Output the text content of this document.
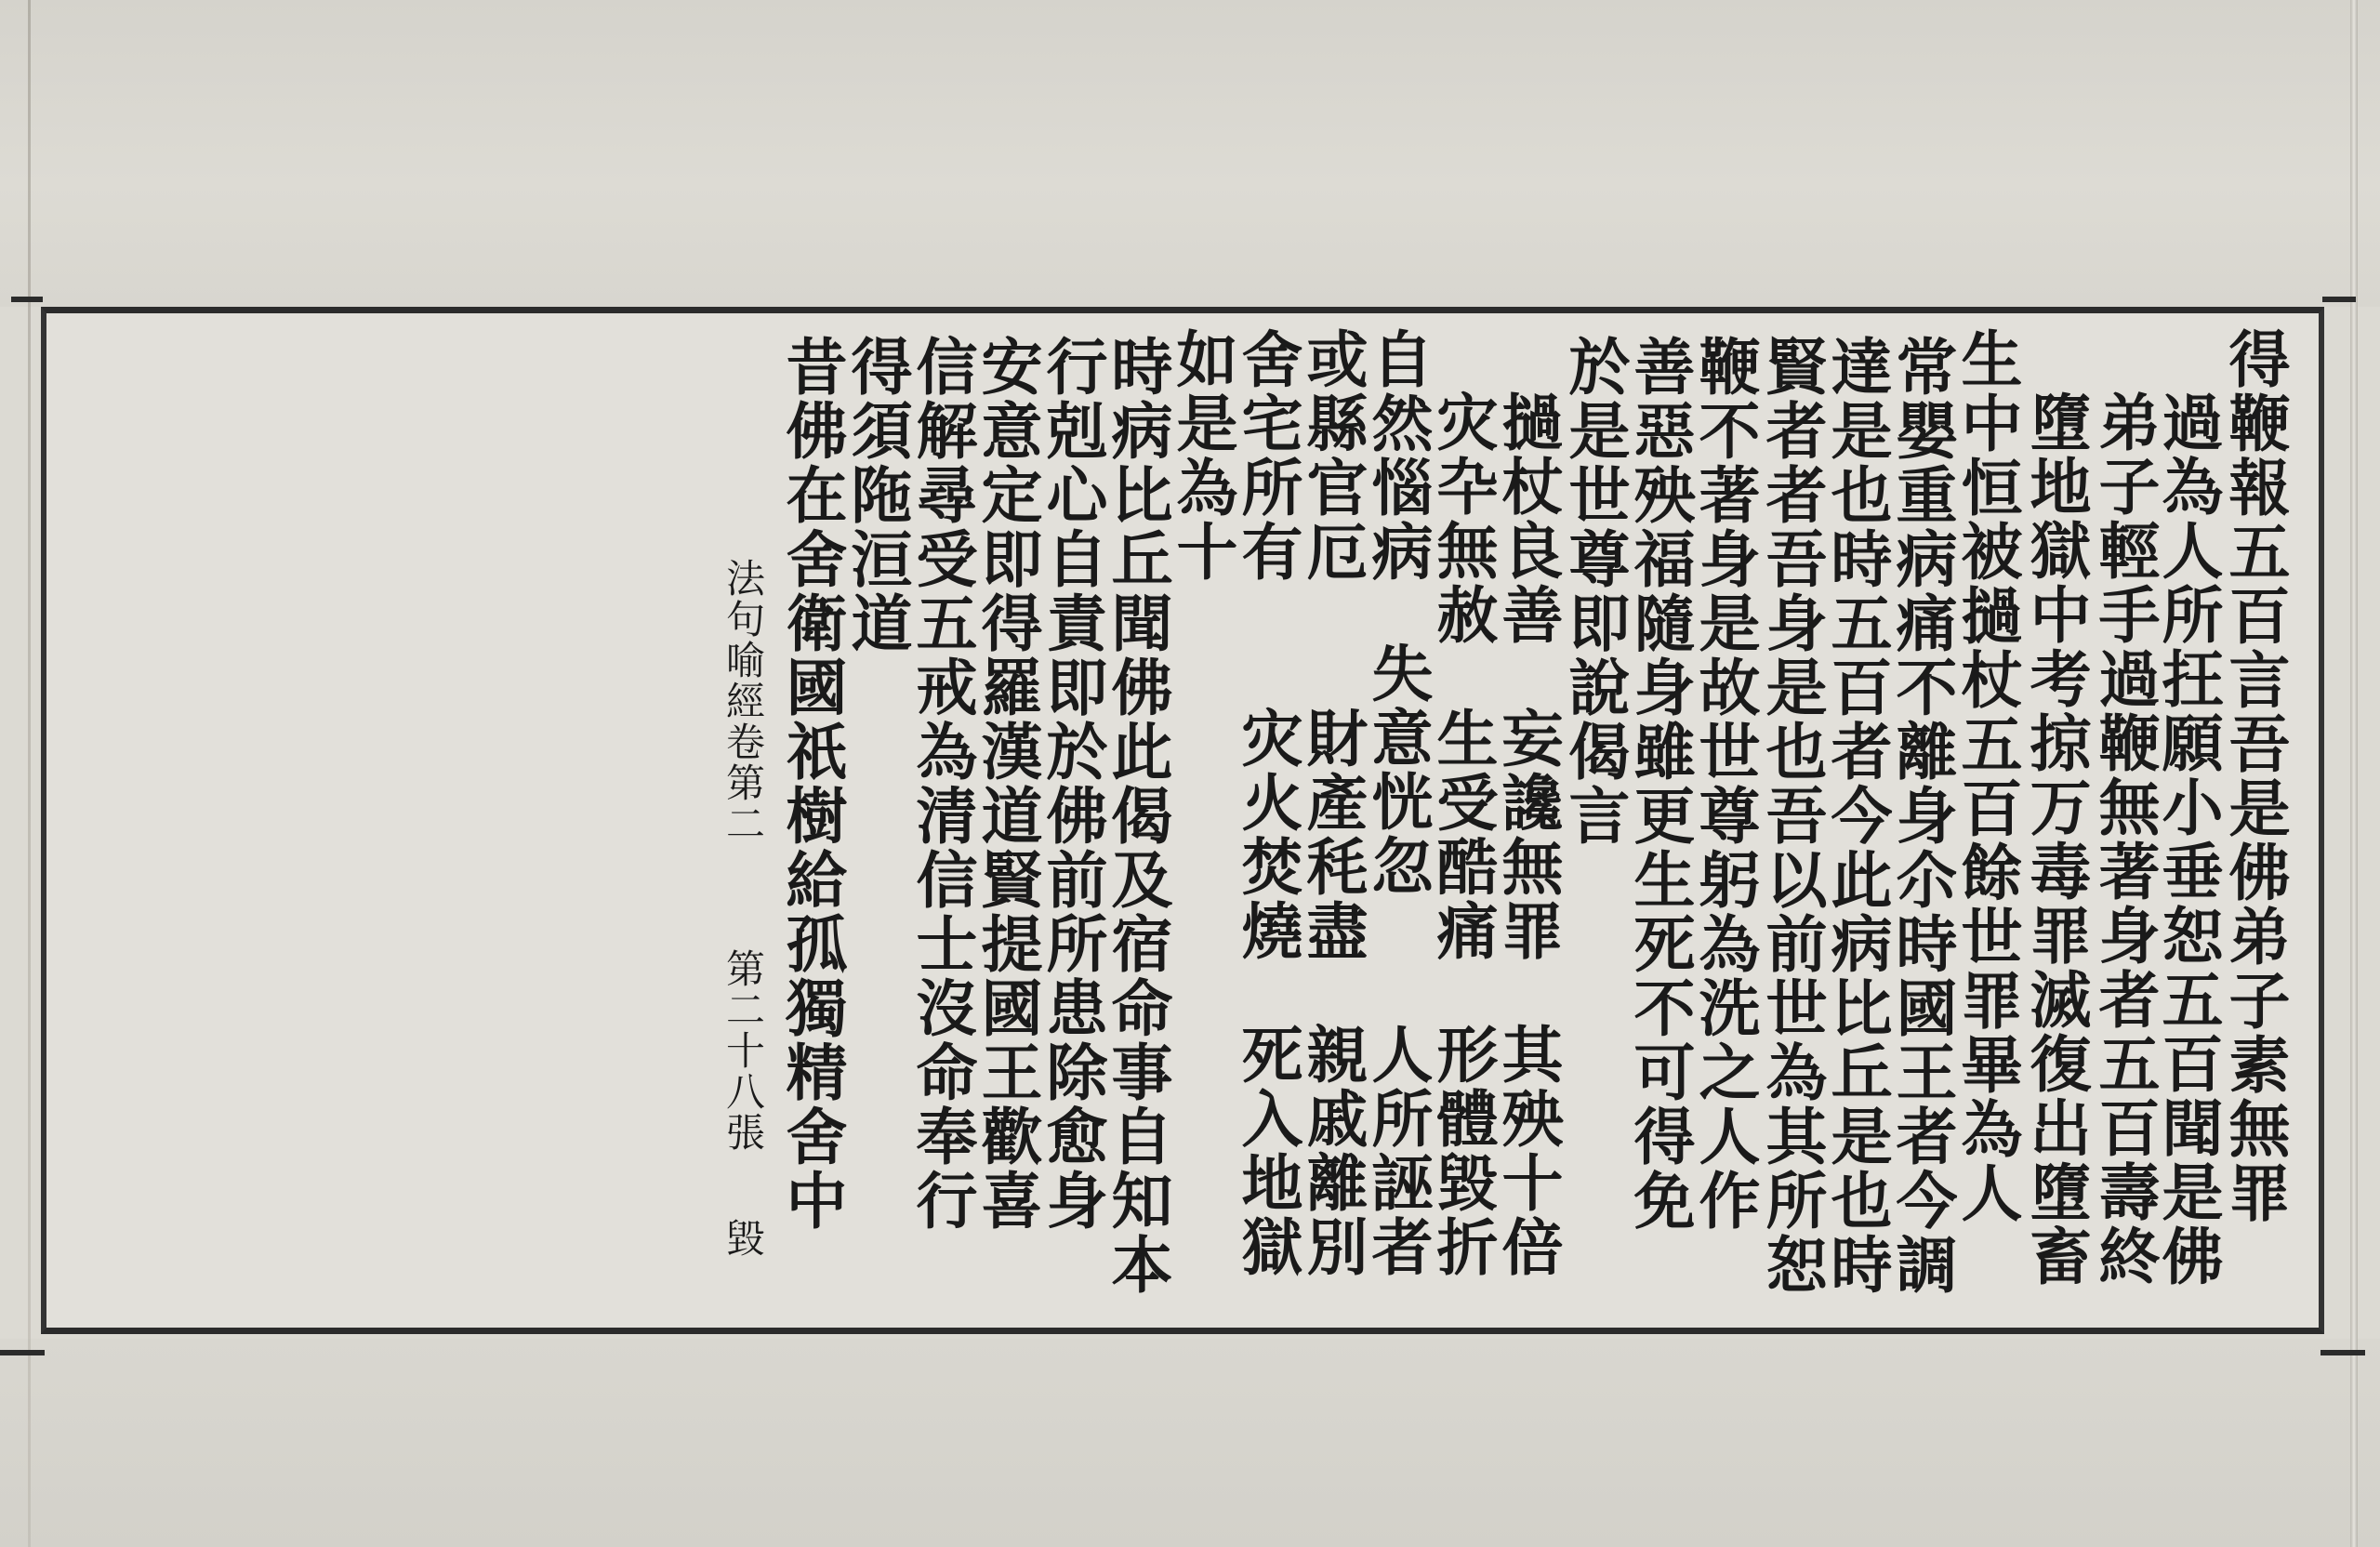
得鞭報五百言吾是佛弟子素無罪
過為人所抂願小垂恕五百聞是佛
弟子輕手過鞭無著身者五百壽終
墮地獄中考掠万毒罪滅復出墮畜
生中恒被撾杖五百餘世罪畢為人
常嬰重病痛不離身尒時國王者今調
達是也時五百者今此病比丘是也時
賢者者吾身是也吾以前世為其所恕
鞭不著身是故世尊躬為洗之人作
善惡殃福隨身雖更生死不可得免
於是世尊即說偈言
撾杖良善
妄讒無罪
其殃十倍
灾卆無赦
生受酷痛
形體毀折
自然惱病
失意恍忽
人所誣者
或縣官厄
財產秏盡
親戚離別
舍宅所有
灾火焚燒
死入地獄
如是為十
時病比丘聞佛此偈及宿命事自知本
行剋心自責即於佛前所患除愈身
安意定即得羅漢道賢提國王歡喜
信解尋受五戒為清信士沒命奉行
得須陁洹道
昔佛在舍衛國祇樹給孤獨精舍中
法句喻經卷第二
第二十八張
毀
